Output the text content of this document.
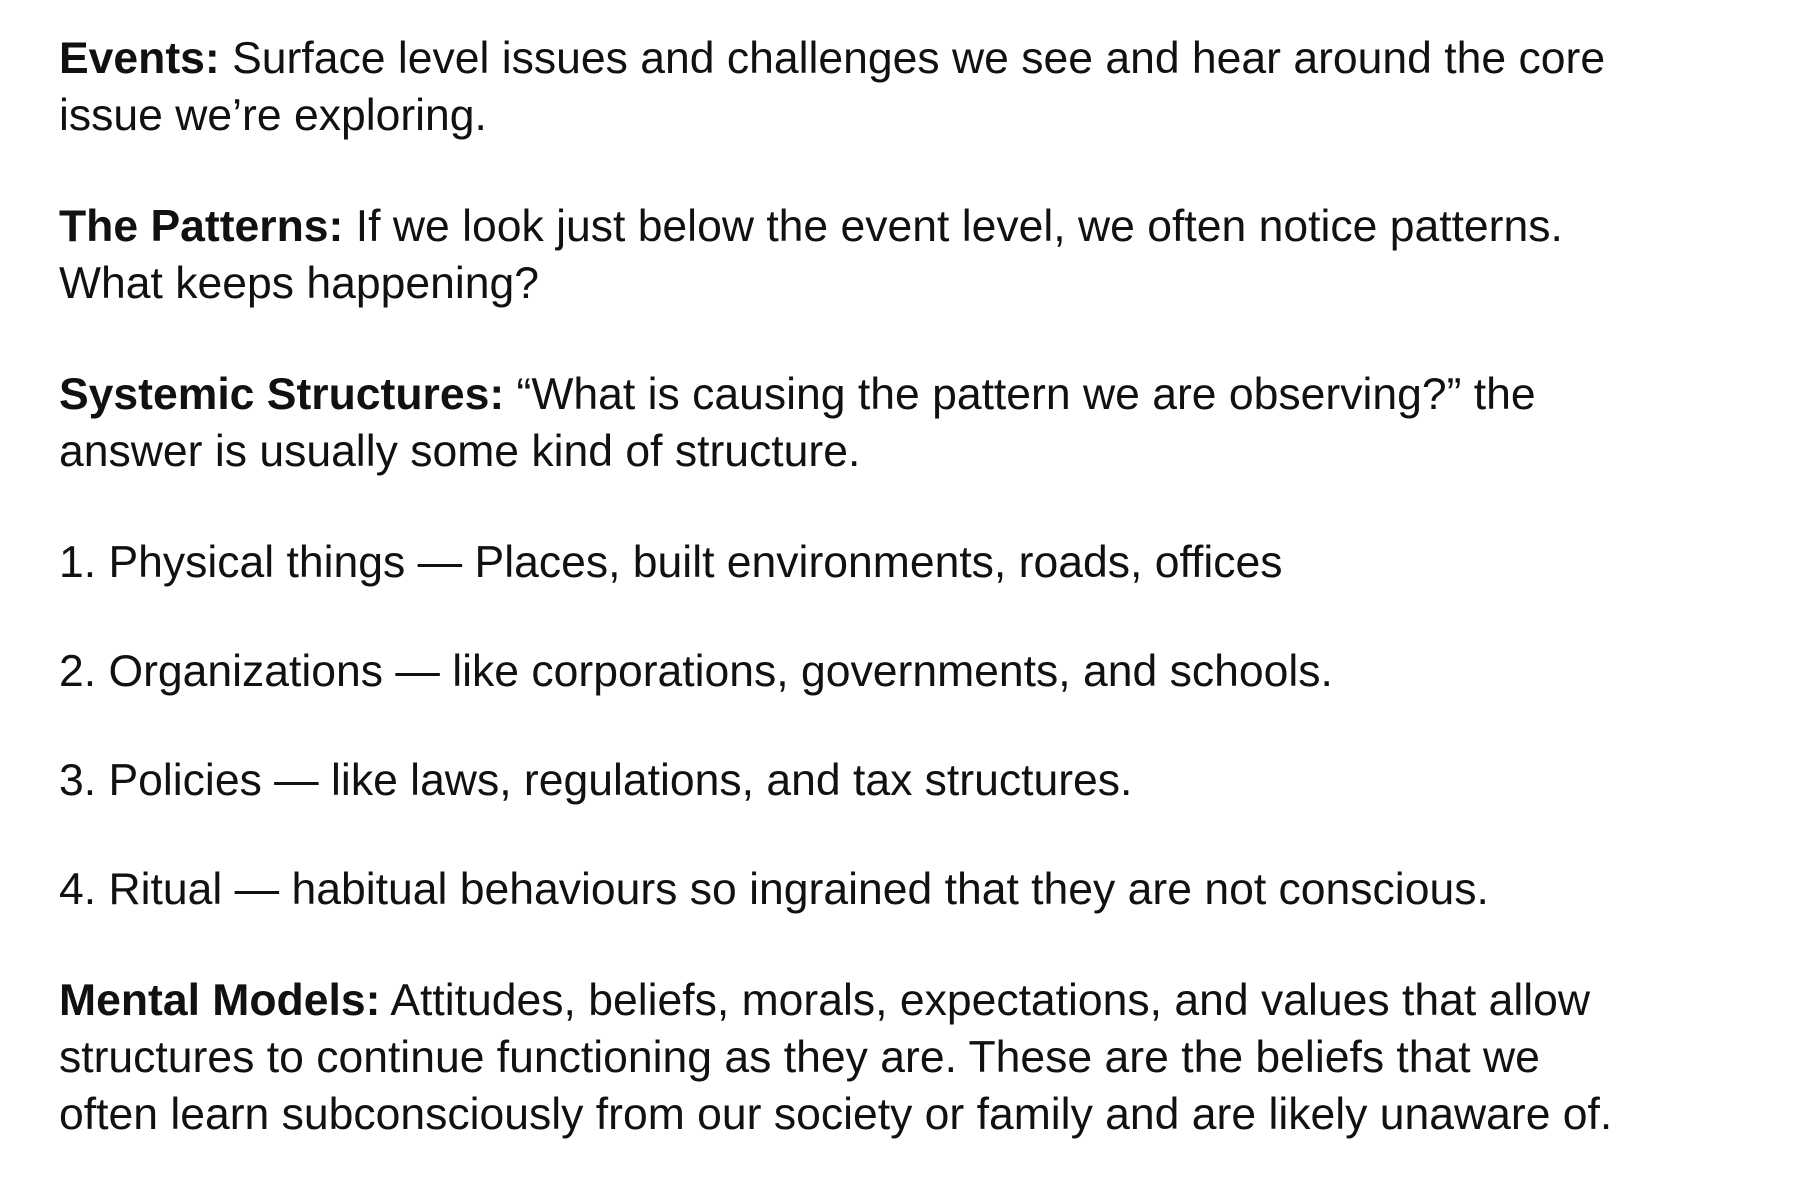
Events: Surface level issues and challenges we see and hear around the core
issue we’re exploring.

The Patterns: If we look just below the event level, we often notice patterns.
What keeps happening?

Systemic Structures: “What is causing the pattern we are observing?” the
answer is usually some kind of structure.

1. Physical things — Places, built environments, roads, offices
2. Organizations — like corporations, governments, and schools.
3. Policies — like laws, regulations, and tax structures.
4. Ritual — habitual behaviours so ingrained that they are not conscious.

Mental Models: Attitudes, beliefs, morals, expectations, and values that allow
structures to continue functioning as they are. These are the beliefs that we
often learn subconsciously from our society or family and are likely unaware of.
